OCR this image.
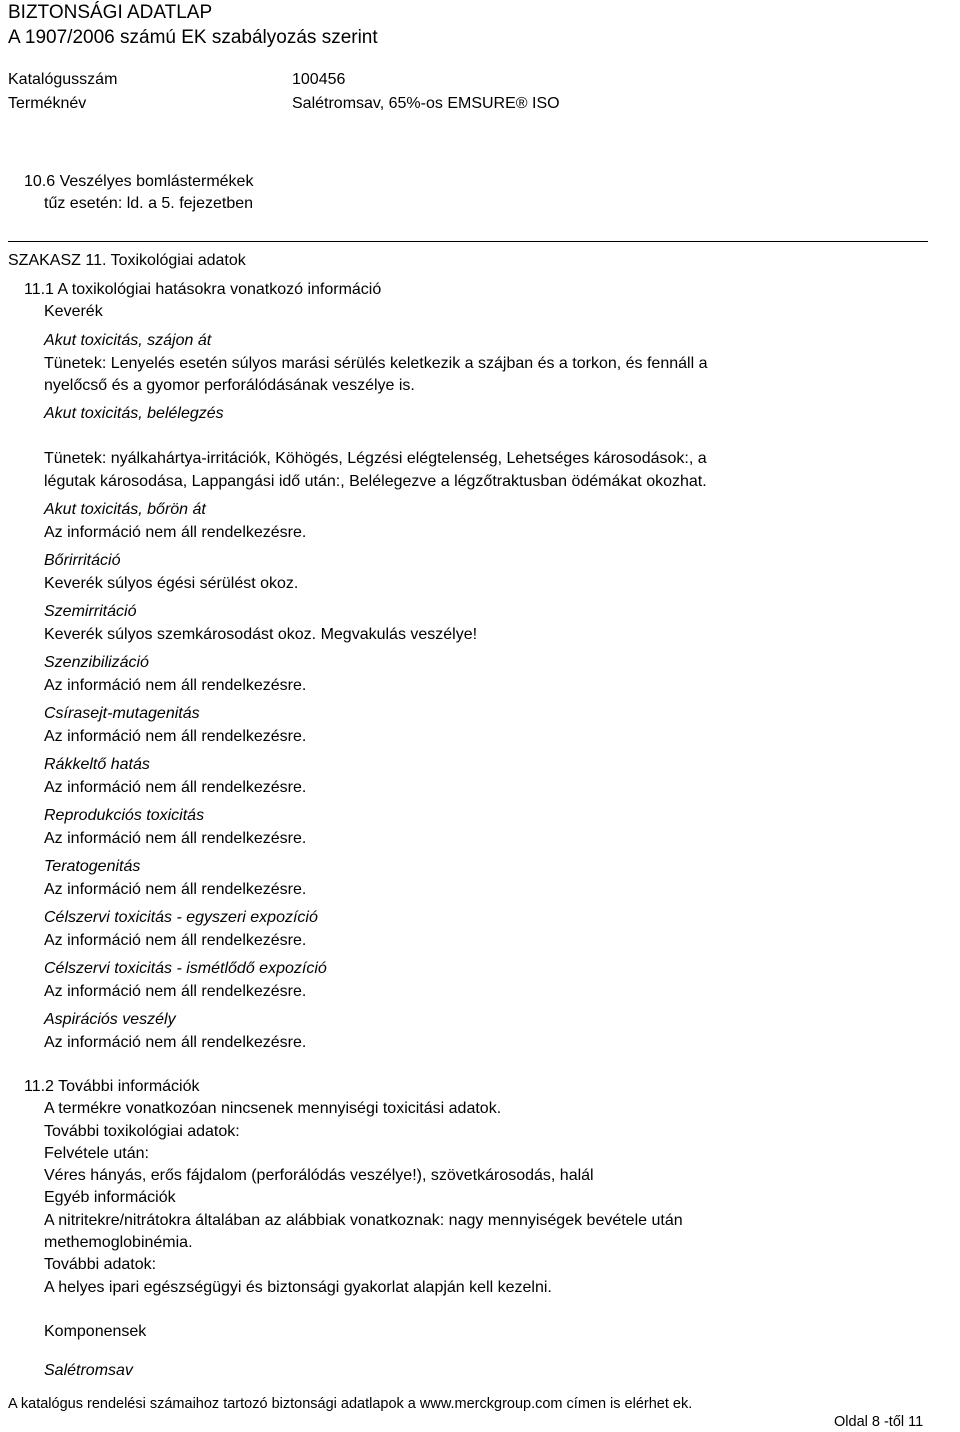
BIZTONSÁGI ADATLAP
A 1907/2006 számú EK szabályozás szerint
Katalógusszám	100456
Terméknév	Salétromsav, 65%-os EMSURE® ISO
10.6 Veszélyes bomlástermékek
tűz esetén: ld. a 5. fejezetben
SZAKASZ 11. Toxikológiai adatok
11.1 A toxikológiai hatásokra vonatkozó információ
Keverék
Akut toxicitás, szájon át
Tünetek: Lenyelés esetén súlyos marási sérülés keletkezik a szájban és a torkon, és fennáll a
nyelőcső és a gyomor perforálódásának veszélye is.
Akut toxicitás, belélegzés
Tünetek: nyálkahártya-irritációk, Köhögés, Légzési elégtelenség, Lehetséges károsodások:, a
légutak károsodása, Lappangási idő után:, Belélegezve a légzőtraktusban ödémákat okozhat.
Akut toxicitás, bőrön át
Az információ nem áll rendelkezésre.
Bőrirritáció
Keverék súlyos égési sérülést okoz.
Szemirritáció
Keverék súlyos szemkárosodást okoz. Megvakulás veszélye!
Szenzibilizáció
Az információ nem áll rendelkezésre.
Csírasejt-mutagenitás
Az információ nem áll rendelkezésre.
Rákkeltő hatás
Az információ nem áll rendelkezésre.
Reprodukciós toxicitás
Az információ nem áll rendelkezésre.
Teratogenitás
Az információ nem áll rendelkezésre.
Célszervi toxicitás - egyszeri expozíció
Az információ nem áll rendelkezésre.
Célszervi toxicitás - ismétlődő expozíció
Az információ nem áll rendelkezésre.
Aspirációs veszély
Az információ nem áll rendelkezésre.
11.2 További információk
A termékre vonatkozóan nincsenek mennyiségi toxicitási adatok.
További toxikológiai adatok:
Felvétele után:
Véres hányás, erős fájdalom (perforálódás veszélye!), szövetkárosodás, halál
Egyéb információk
A nitritekre/nitrátokra általában az alábbiak vonatkoznak: nagy mennyiségek bevétele után
methemoglobinémia.
További adatok:
A helyes ipari egészségügyi és biztonsági gyakorlat alapján kell kezelni.
Komponensek
Salétromsav
A katalógus rendelési számaihoz tartozó biztonsági adatlapok a www.merckgroup.com címen is elérhet ek.
Oldal 8 -től 11
